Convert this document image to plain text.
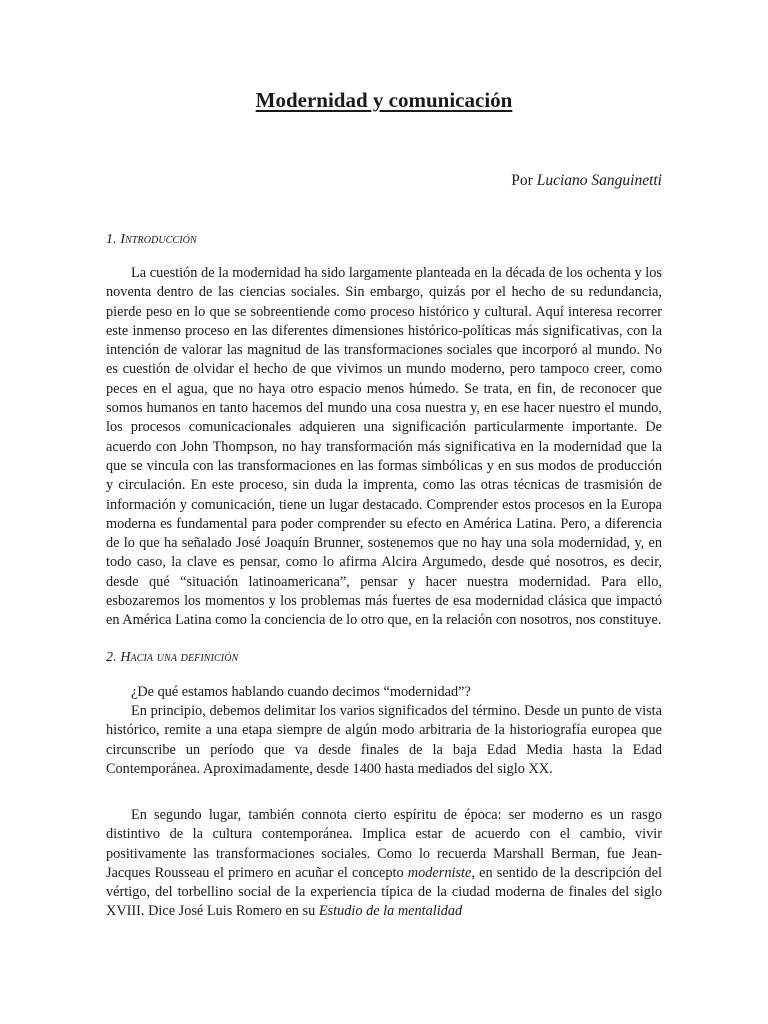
Modernidad y comunicación

Por Luciano Sanguinetti

1. Introducción

La cuestión de la modernidad ha sido largamente planteada en la década de los ochenta y los noventa dentro de las ciencias sociales. Sin embargo, quizás por el hecho de su redundancia, pierde peso en lo que se sobreentiende como proceso histórico y cultural. Aquí interesa recorrer este inmenso proceso en las diferentes dimensiones histórico-políticas más significativas, con la intención de valorar las magnitud de las transformaciones sociales que incorporó al mundo. No es cuestión de olvidar el hecho de que vivimos un mundo moderno, pero tampoco creer, como peces en el agua, que no haya otro espacio menos húmedo. Se trata, en fin, de reconocer que somos humanos en tanto hacemos del mundo una cosa nuestra y, en ese hacer nuestro el mundo, los procesos comunicacionales adquieren una significación particularmente importante. De acuerdo con John Thompson, no hay transformación más significativa en la modernidad que la que se vincula con las transformaciones en las formas simbólicas y en sus modos de producción y circulación. En este proceso, sin duda la imprenta, como las otras técnicas de trasmisión de información y comunicación, tiene un lugar destacado. Comprender estos procesos en la Europa moderna es fundamental para poder comprender su efecto en América Latina. Pero, a diferencia de lo que ha señalado José Joaquín Brunner, sostenemos que no hay una sola modernidad, y, en todo caso, la clave es pensar, como lo afirma Alcira Argumedo, desde qué nosotros, es decir, desde qué “situación latinoamericana”, pensar y hacer nuestra modernidad. Para ello, esbozaremos los momentos y los problemas más fuertes de esa modernidad clásica que impactó en América Latina como la conciencia de lo otro que, en la relación con nosotros, nos constituye.

2. Hacia una definición

¿De qué estamos hablando cuando decimos “modernidad”?

En principio, debemos delimitar los varios significados del término. Desde un punto de vista histórico, remite a una etapa siempre de algún modo arbitraria de la historiografía europea que circunscribe un período que va desde finales de la baja Edad Media hasta la Edad Contemporánea. Aproximadamente, desde 1400 hasta mediados del siglo XX.

En segundo lugar, también connota cierto espíritu de época: ser moderno es un rasgo distintivo de la cultura contemporánea. Implica estar de acuerdo con el cambio, vivir positivamente las transformaciones sociales. Como lo recuerda Marshall Berman, fue Jean-Jacques Rousseau el primero en acuñar el concepto moderniste, en sentido de la descripción del vértigo, del torbellino social de la experiencia típica de la ciudad moderna de finales del siglo XVIII. Dice José Luis Romero en su Estudio de la mentalidad
